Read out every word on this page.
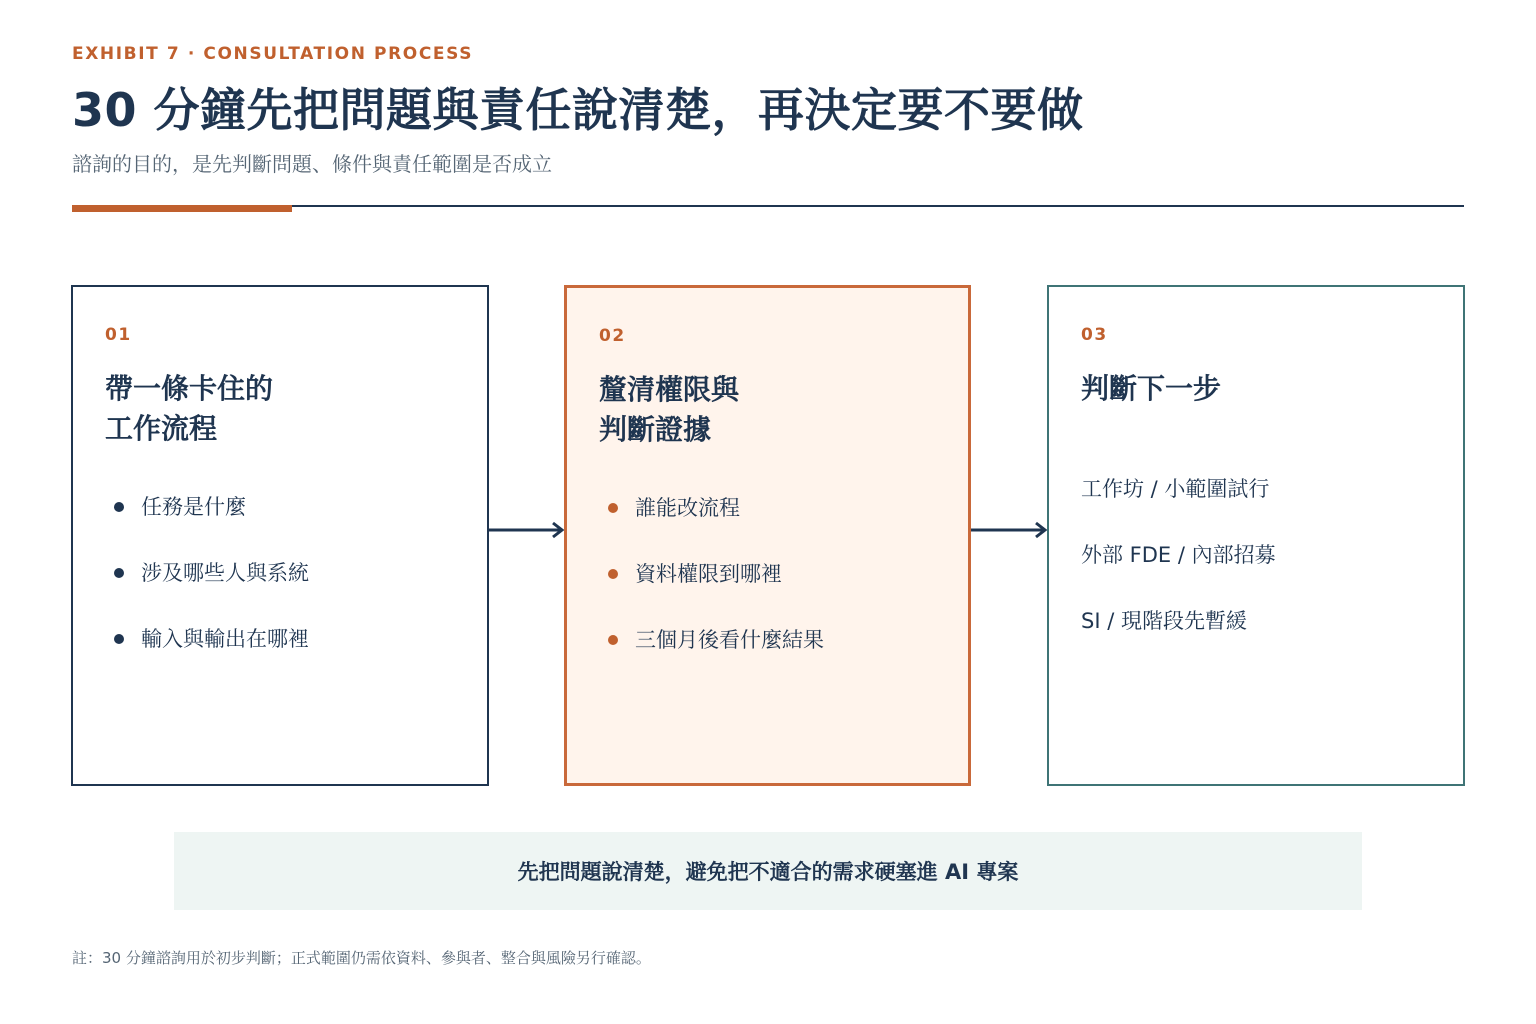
EXHIBIT 7 · CONSULTATION PROCESS
30 分鐘先把問題與責任說清楚，再決定要不要做
諮詢的目的，是先判斷問題、條件與責任範圍是否成立
01
帶一條卡住的
工作流程
任務是什麼
涉及哪些人與系統
輸入與輸出在哪裡
02
釐清權限與
判斷證據
誰能改流程
資料權限到哪裡
三個月後看什麼結果
03
判斷下一步
工作坊 / 小範圍試行
外部 FDE / 內部招募
SI / 現階段先暫緩
先把問題說清楚，避免把不適合的需求硬塞進 AI 專案
註：30 分鐘諮詢用於初步判斷；正式範圍仍需依資料、參與者、整合與風險另行確認。
